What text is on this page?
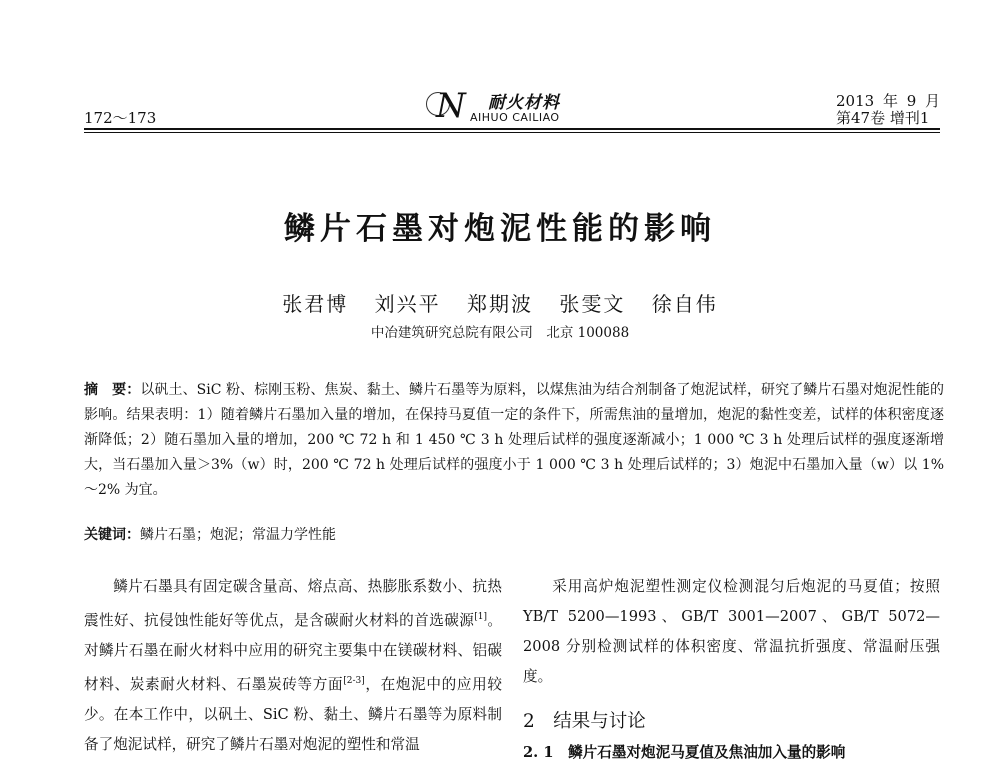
172～173	N 耐火材料
AIHUO CAILIAO
2013 年 9 月
第47卷 增刊1
鳞片石墨对炮泥性能的影响
张君博 刘兴平 郑期波 张雯文 徐自伟
中冶建筑研究总院有限公司　北京 100088
摘　要：以矾土、SiC 粉、棕刚玉粉、焦炭、黏土、鳞片石墨等为原料，以煤焦油为结合剂制备了炮泥试样，研究了鳞片石墨对炮泥性能的影响。结果表明：1）随着鳞片石墨加入量的增加，在保持马夏值一定的条件下，所需焦油的量增加，炮泥的黏性变差，试样的体积密度逐渐降低；2）随石墨加入量的增加，200 ℃ 72 h 和 1 450 ℃ 3 h 处理后试样的强度逐渐减小；1 000 ℃ 3 h 处理后试样的强度逐渐增大，当石墨加入量＞3%（w）时，200 ℃ 72 h 处理后试样的强度小于 1 000 ℃ 3 h 处理后试样的；3）炮泥中石墨加入量（w）以 1% ～2% 为宜。
关键词：鳞片石墨；炮泥；常温力学性能

鳞片石墨具有固定碳含量高、熔点高、热膨胀系数小、抗热震性好、抗侵蚀性能好等优点，是含碳耐火材料的首选碳源[1]。对鳞片石墨在耐火材料中应用的研究主要集中在镁碳材料、铝碳材料、炭素耐火材料、石墨炭砖等方面[2-3]，在炮泥中的应用较少。在本工作中，以矾土、SiC 粉、黏土、鳞片石墨等为原料制备了炮泥试样，研究了鳞片石墨对炮泥的塑性和常温

采用高炉炮泥塑性测定仪检测混匀后炮泥的马夏值；按照 YB/T 5200—1993、GB/T 3001—2007、GB/T 5072—2008 分别检测试样的体积密度、常温抗折强度、常温耐压强度。

2　结果与讨论
2. 1　鳞片石墨对炮泥马夏值及焦油加入量的影响
